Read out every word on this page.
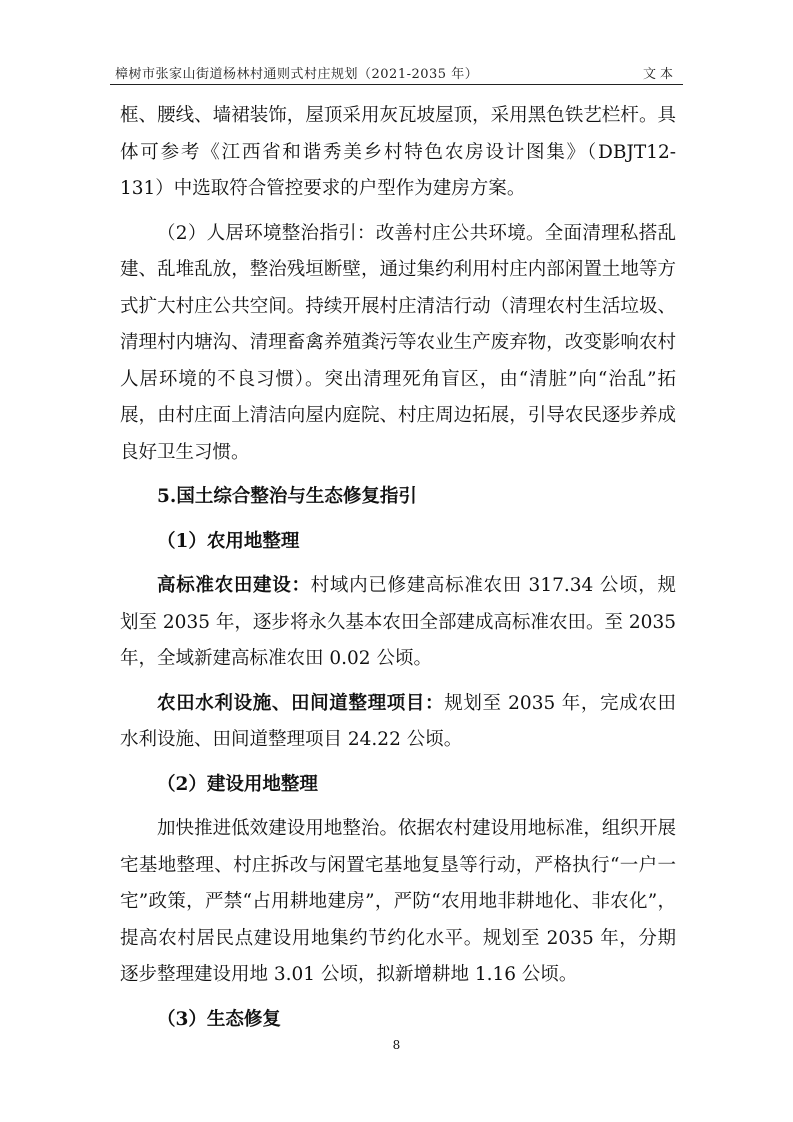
樟树市张家山街道杨林村通则式村庄规划（2021-2035 年）	文本

框、腰线、墙裙装饰，屋顶采用灰瓦坡屋顶，采用黑色铁艺栏杆。具体可参考《江西省和谐秀美乡村特色农房设计图集》（DBJT12-131）中选取符合管控要求的户型作为建房方案。

（2）人居环境整治指引：改善村庄公共环境。全面清理私搭乱建、乱堆乱放，整治残垣断壁，通过集约利用村庄内部闲置土地等方式扩大村庄公共空间。持续开展村庄清洁行动（清理农村生活垃圾、清理村内塘沟、清理畜禽养殖粪污等农业生产废弃物，改变影响农村人居环境的不良习惯）。突出清理死角盲区，由“清脏”向“治乱”拓展，由村庄面上清洁向屋内庭院、村庄周边拓展，引导农民逐步养成良好卫生习惯。

5.国土综合整治与生态修复指引

（1）农用地整理

高标准农田建设：村域内已修建高标准农田 317.34 公顷，规划至 2035 年，逐步将永久基本农田全部建成高标准农田。至 2035 年，全域新建高标准农田 0.02 公顷。

农田水利设施、田间道整理项目：规划至 2035 年，完成农田水利设施、田间道整理项目 24.22 公顷。

（2）建设用地整理

加快推进低效建设用地整治。依据农村建设用地标准，组织开展宅基地整理、村庄拆改与闲置宅基地复垦等行动，严格执行“一户一宅”政策，严禁“占用耕地建房”，严防“农用地非耕地化、非农化”，提高农村居民点建设用地集约节约化水平。规划至 2035 年，分期逐步整理建设用地 3.01 公顷，拟新增耕地 1.16 公顷。

（3）生态修复

8
